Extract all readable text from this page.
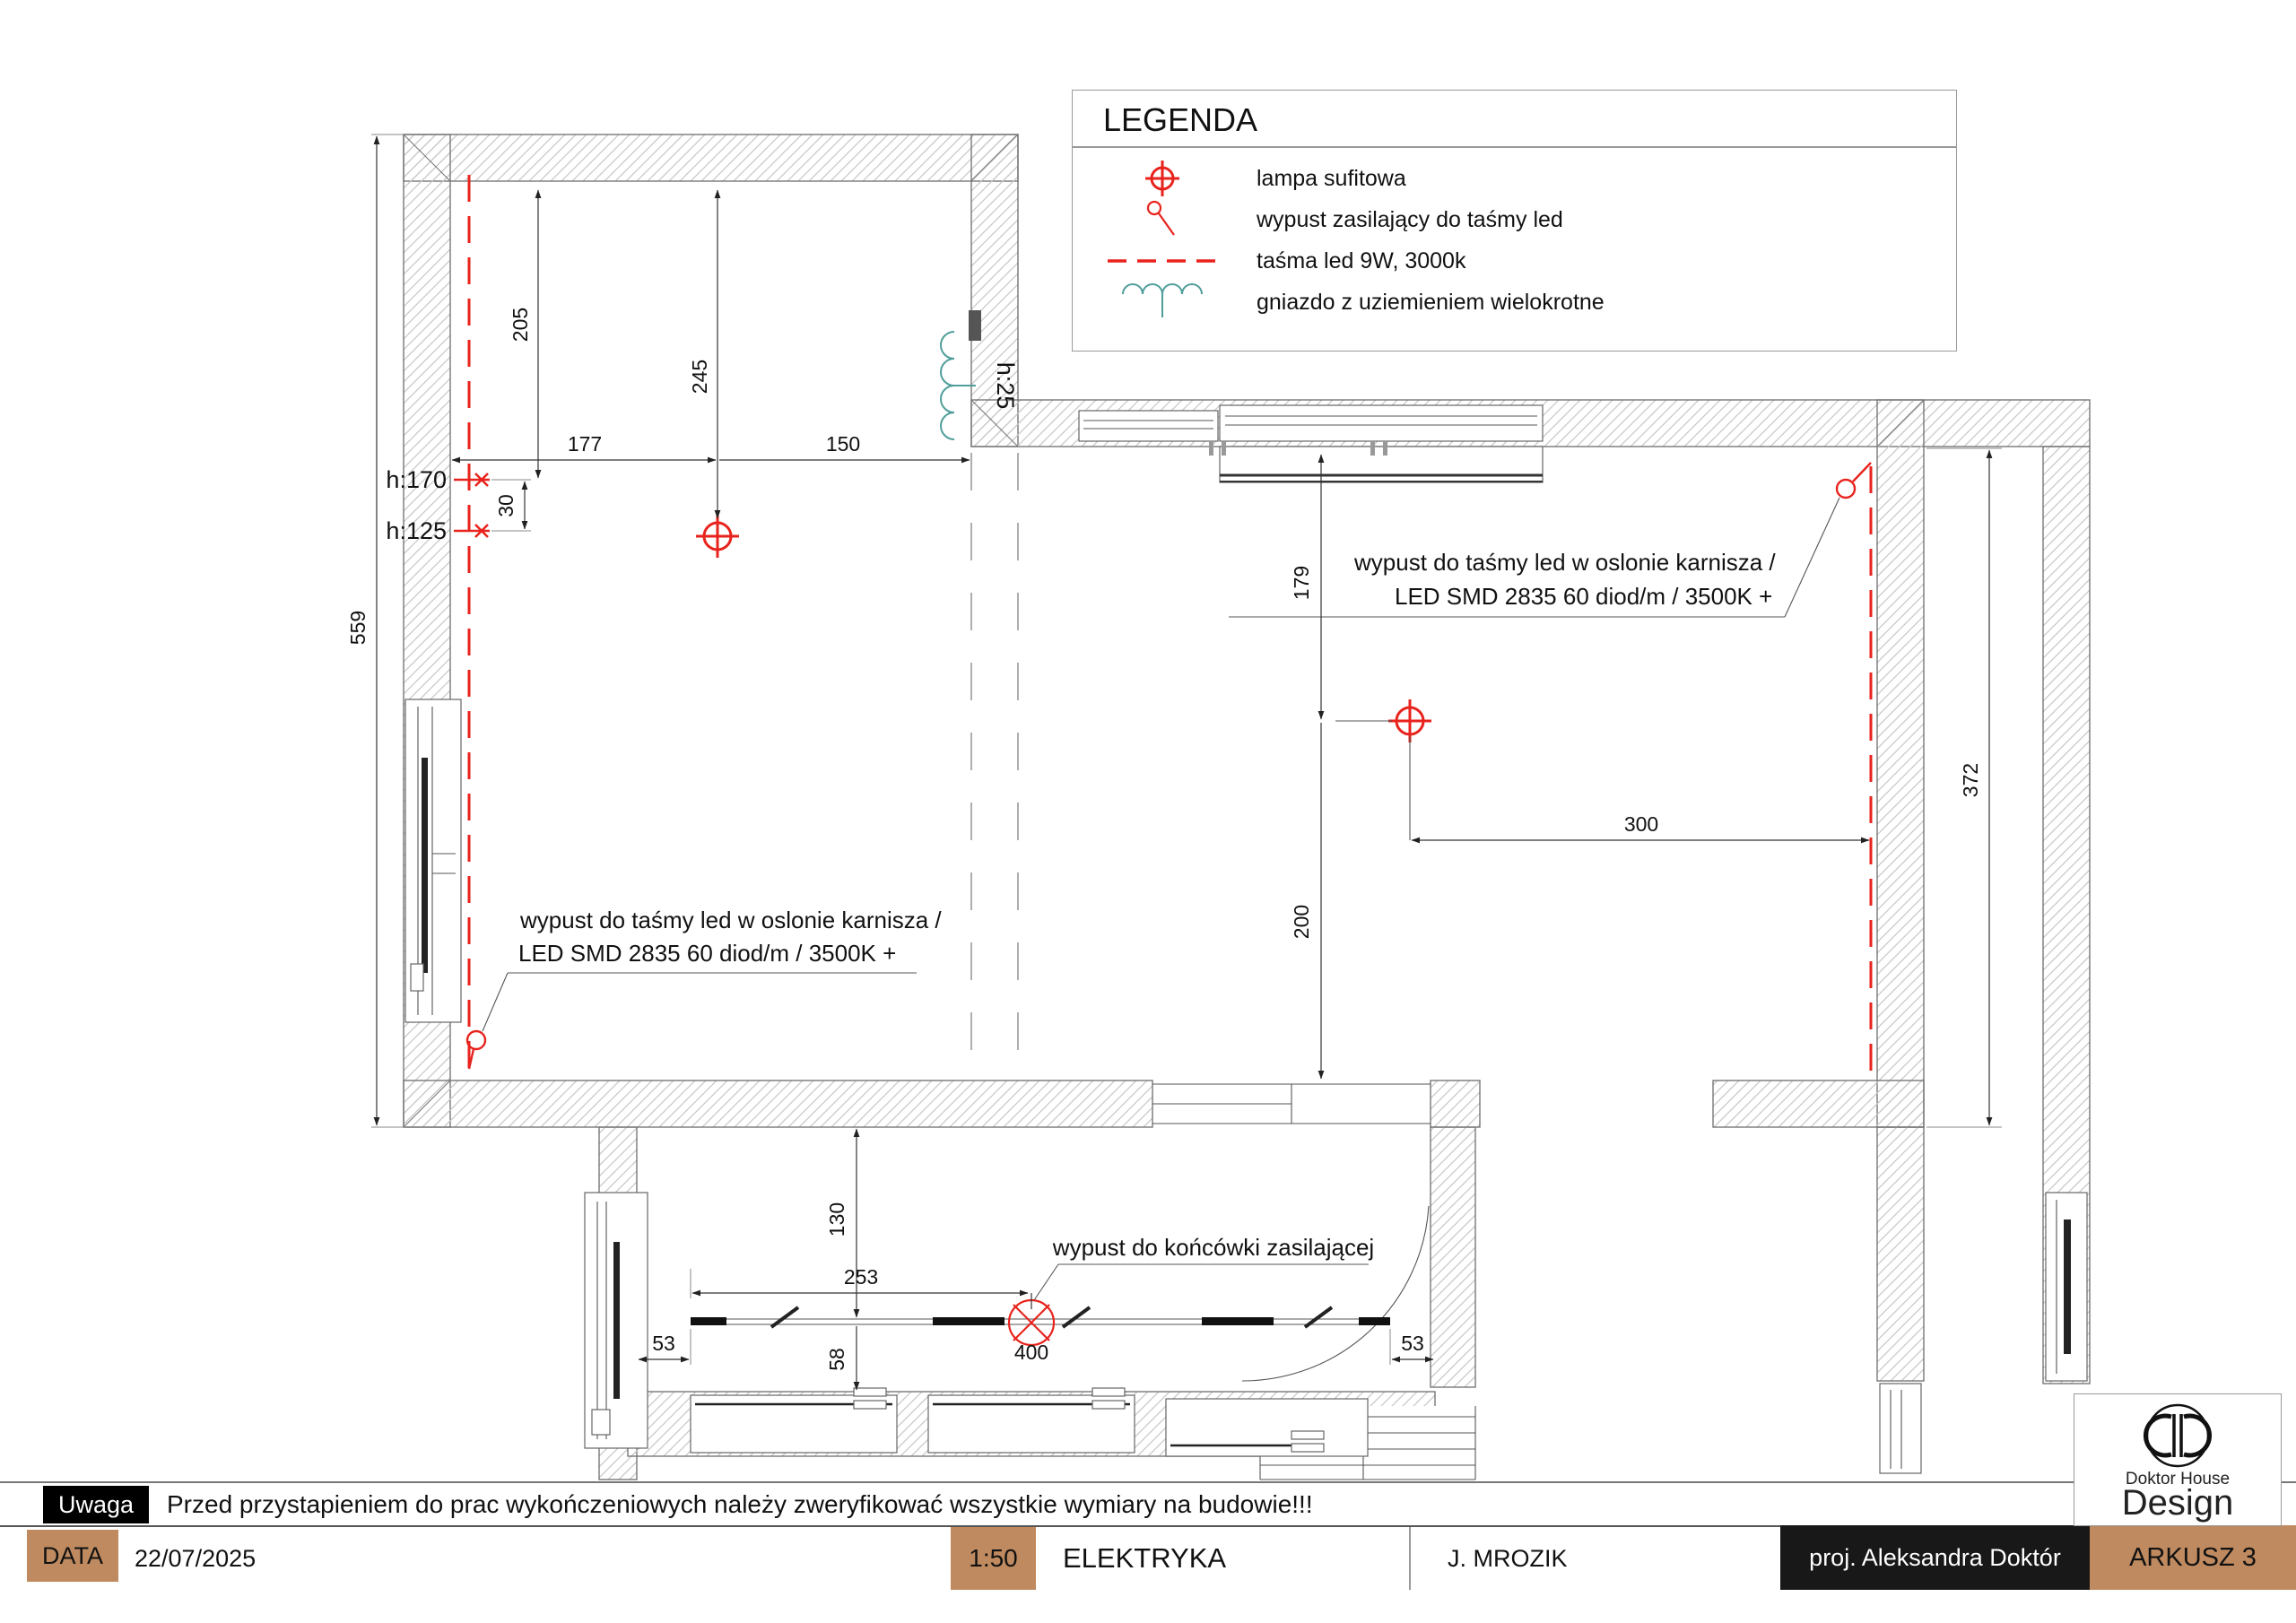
h:25
wypust do taśmy led w oslonie karnisza /
LED SMD 2835 60 diod/m / 3500K +
wypust do taśmy led w oslonie karnisza /
LED SMD 2835 60 diod/m / 3500K +
wypust do końcówki zasilającej
559
205
245
177	150
h:170
h:125
30
179
200
300
372
130
58
253
400
53	53
LEGENDA
lampa sufitowa
wypust zasilający do taśmy led
taśma led 9W, 3000k
gniazdo z uziemieniem wielokrotne
Uwaga	Przed przystapieniem do prac wykończeniowych należy zweryfikować wszystkie wymiary na budowie!!!
DATA	22/07/2025	1:50	ELEKTRYKA	J. MROZIK	proj. Aleksandra Doktór	ARKUSZ 3
Doktor House
Design
